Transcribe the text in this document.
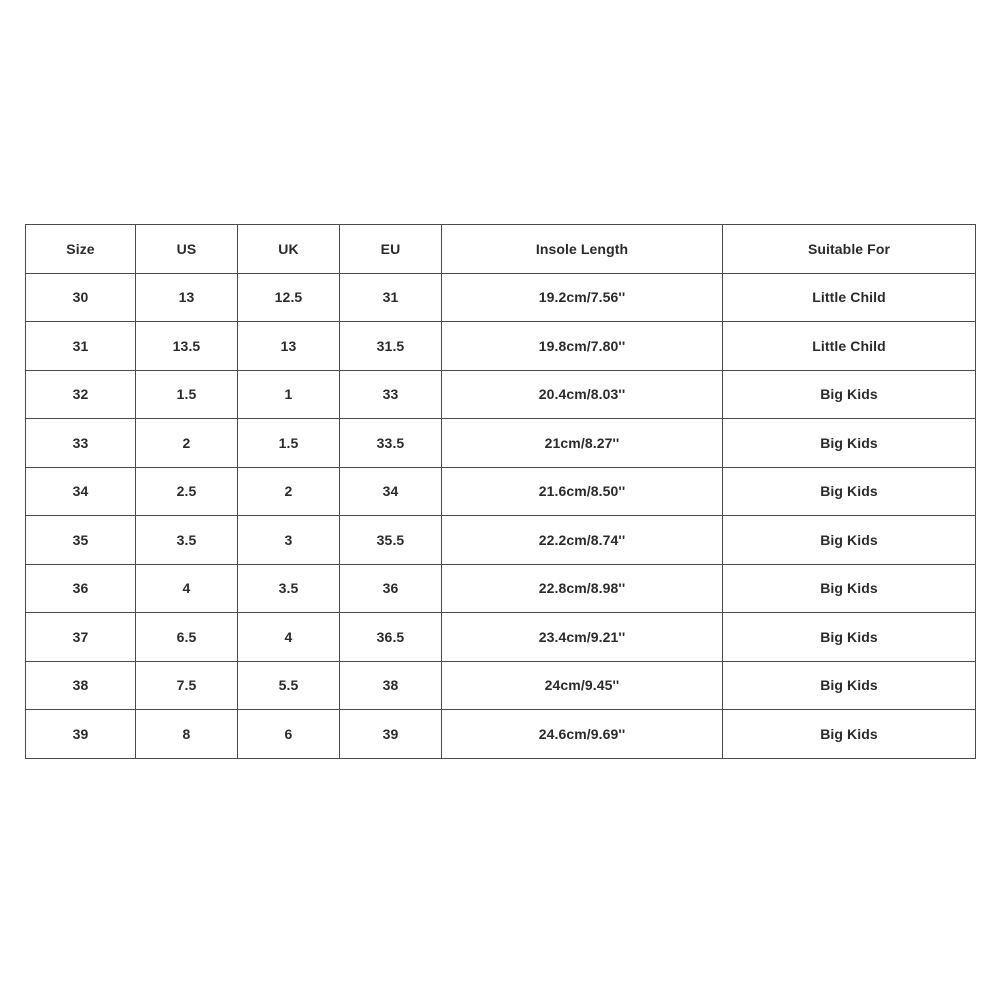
Size	US	UK	EU	Insole Length	Suitable For
30	13	12.5	31	19.2cm/7.56''	Little Child
31	13.5	13	31.5	19.8cm/7.80''	Little Child
32	1.5	1	33	20.4cm/8.03''	Big Kids
33	2	1.5	33.5	21cm/8.27''	Big Kids
34	2.5	2	34	21.6cm/8.50''	Big Kids
35	3.5	3	35.5	22.2cm/8.74''	Big Kids
36	4	3.5	36	22.8cm/8.98''	Big Kids
37	6.5	4	36.5	23.4cm/9.21''	Big Kids
38	7.5	5.5	38	24cm/9.45''	Big Kids
39	8	6	39	24.6cm/9.69''	Big Kids
